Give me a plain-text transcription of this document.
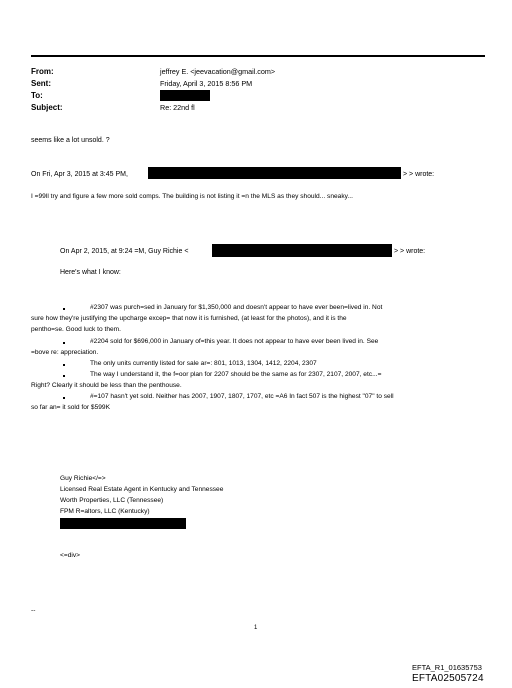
From:	jeffrey E. <jeevacation@gmail.com>
Sent:	Friday, April 3, 2015 8:56 PM
To:
Subject:	Re: 22nd fl
seems like a lot unsold. ?
On Fri, Apr 3, 2015 at 3:45 PM,	> > wrote:
I =99ll try and figure a few more sold comps. The building is not listing it =n the MLS as they should... sneaky...
On Apr 2, 2015, at 9:24 =M, Guy Richie <	> > wrote:
Here's what I know:
#2307 was purch=sed in January for $1,350,000 and doesn't appear to have ever been=lived in. Not
sure how they're justifying the upcharge excep= that now it is furnished, (at least for the photos), and it is the
pentho=se. Good luck to them.
#2204 sold for $696,000 in January of=this year. It does not appear to have ever been lived in. See
=bove re: appreciation.
The only units currently listed for sale ar=: 801, 1013, 1304, 1412, 2204, 2307
The way I understand it, the f=oor plan for 2207 should be the same as for 2307, 2107, 2007, etc...=
Right? Clearly it should be less than the penthouse.
#=107 hasn't yet sold. Neither has 2007, 1907, 1807, 1707, etc =A6 In fact 507 is the highest "07" to sell
so far an= it sold for $599K
Guy Richie</=>
Licensed Real Estate Agent in Kentucky and Tennessee
Worth Properties, LLC (Tennessee)
FPM R=altors, LLC (Kentucky)
<=div>
--
1
EFTA_R1_01635753
EFTA02505724
